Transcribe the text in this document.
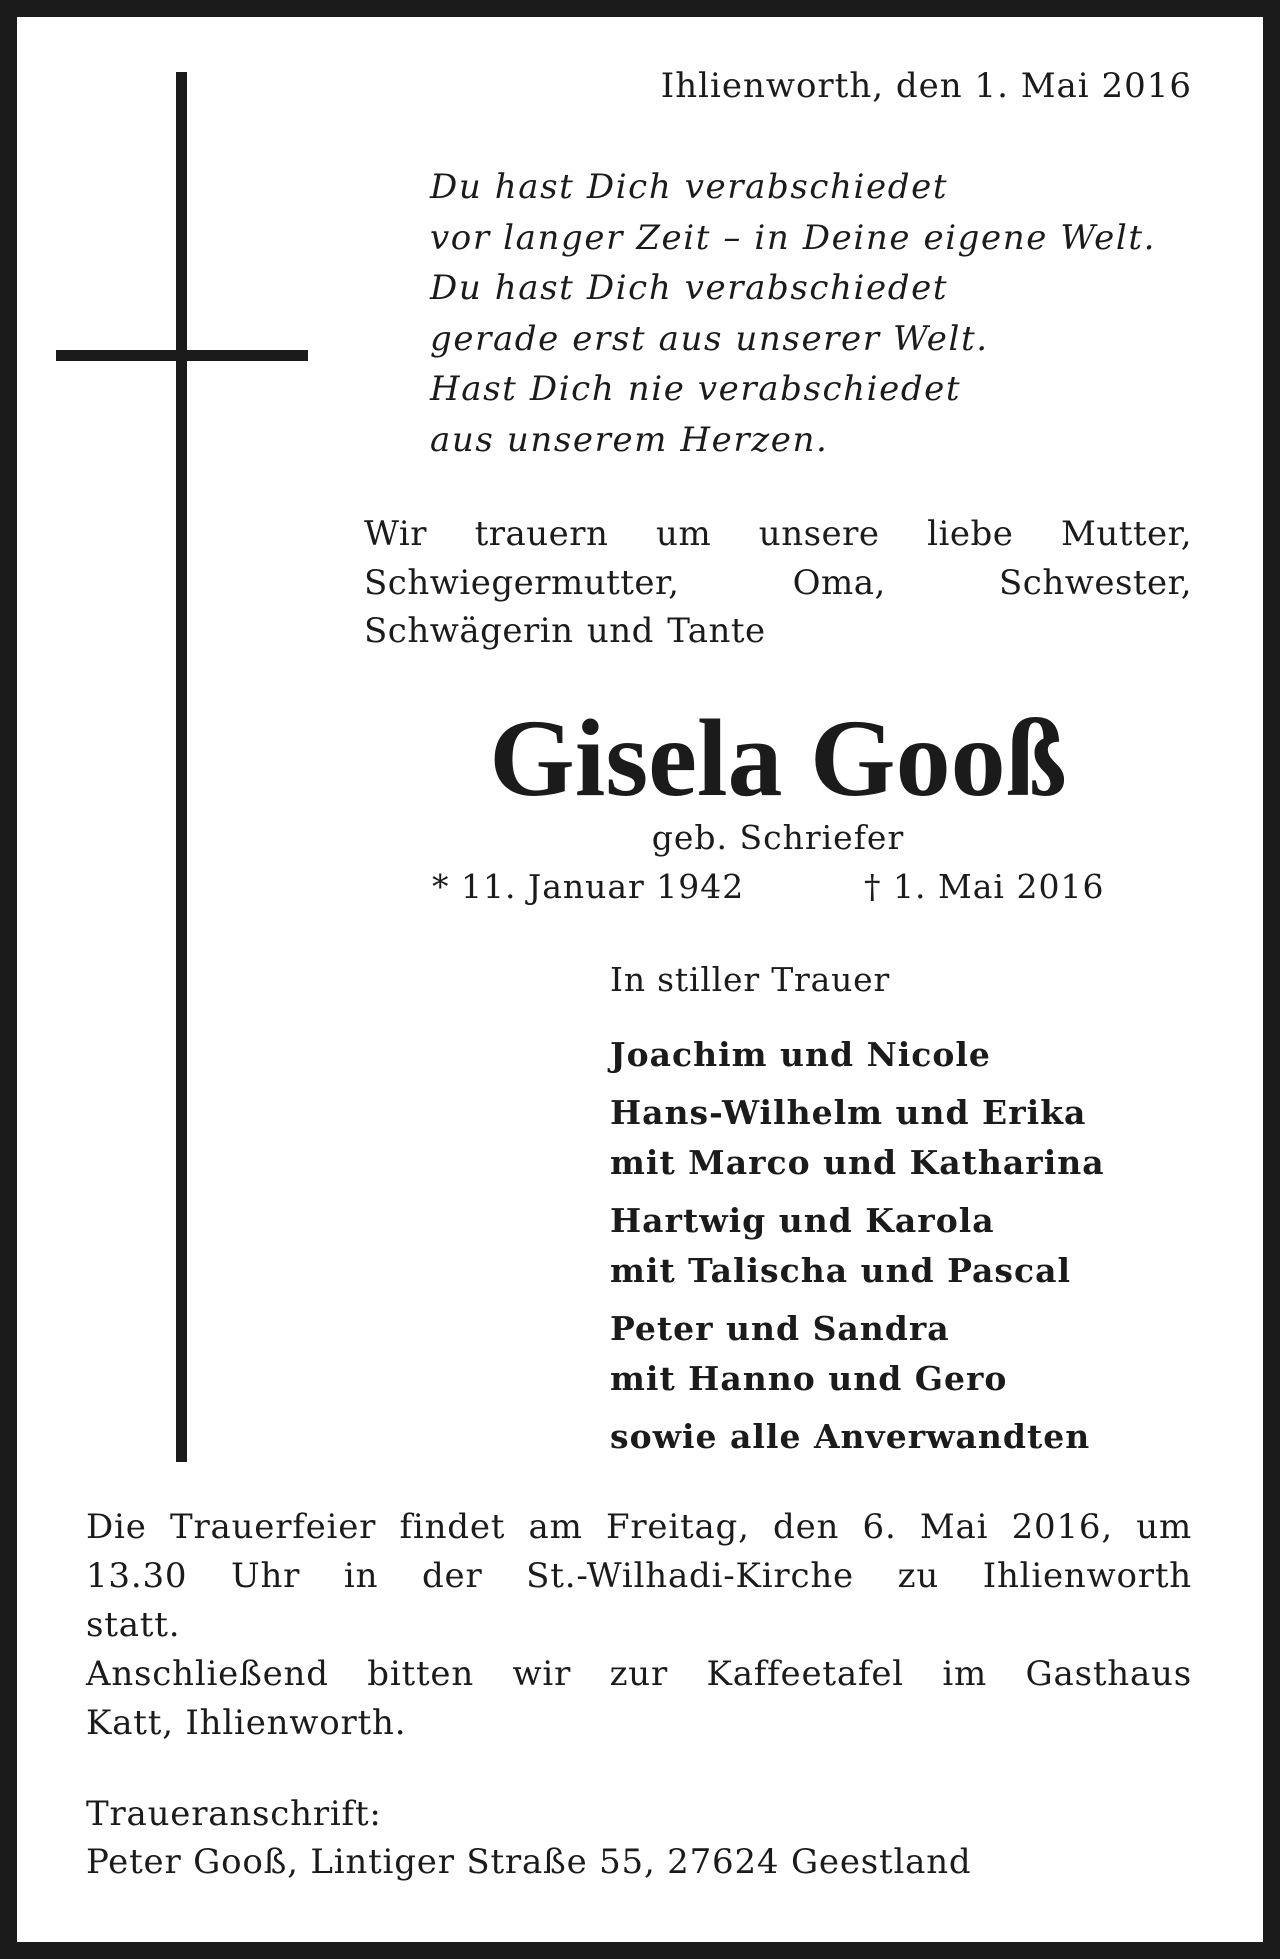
Ihlienworth, den 1. Mai 2016
Du hast Dich verabschiedet
vor langer Zeit – in Deine eigene Welt.
Du hast Dich verabschiedet
gerade erst aus unserer Welt.
Hast Dich nie verabschiedet
aus unserem Herzen.
Wir trauern um unsere liebe Mutter,
Schwiegermutter, Oma, Schwester,
Schwägerin und Tante
Gisela Gooß
geb. Schriefer
* 11. Januar 1942	† 1. Mai 2016
In stiller Trauer
Joachim und Nicole
Hans-Wilhelm und Erika
mit Marco und Katharina
Hartwig und Karola
mit Talischa und Pascal
Peter und Sandra
mit Hanno und Gero
sowie alle Anverwandten
Die Trauerfeier findet am Freitag, den 6. Mai 2016, um
13.30 Uhr in der St.-Wilhadi-Kirche zu Ihlienworth
statt.
Anschließend bitten wir zur Kaffeetafel im Gasthaus
Katt, Ihlienworth.
Traueranschrift:
Peter Gooß, Lintiger Straße 55, 27624 Geestland
